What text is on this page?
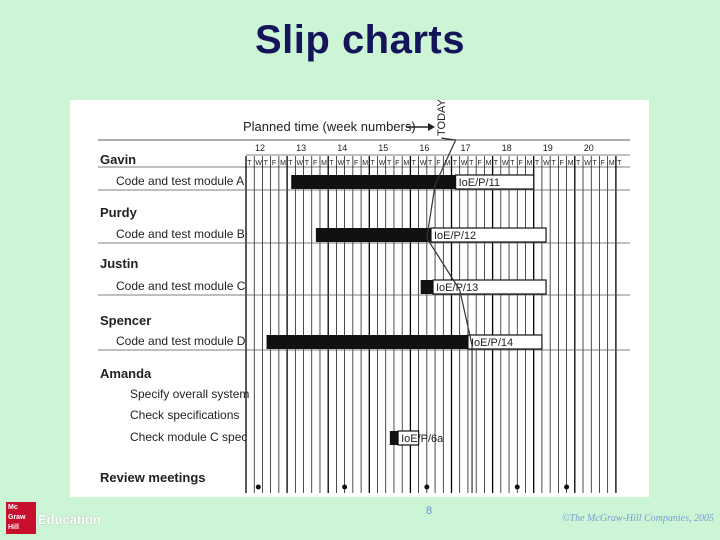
Slip charts
Planned time (week numbers) TODAY
12	13	14	15	16	17	18	19	20
T W T F M T W T F M T W T F M T W T F M T W T F M T W T F M T W T F M T W T F M T W T F M T
Gavin
Code and test module A	IoE/P/11
Purdy
Code and test module B	IoE/P/12
Justin
Code and test module C	IoE/P/13
Spencer
Code and test module D	IoE/P/14
Amanda
Specify overall system
Check specifications
Check module C spec	IoE/P/6a
Review meetings
Mc
Graw
Hill
Education
8
©The McGraw-Hill Companies, 2005
